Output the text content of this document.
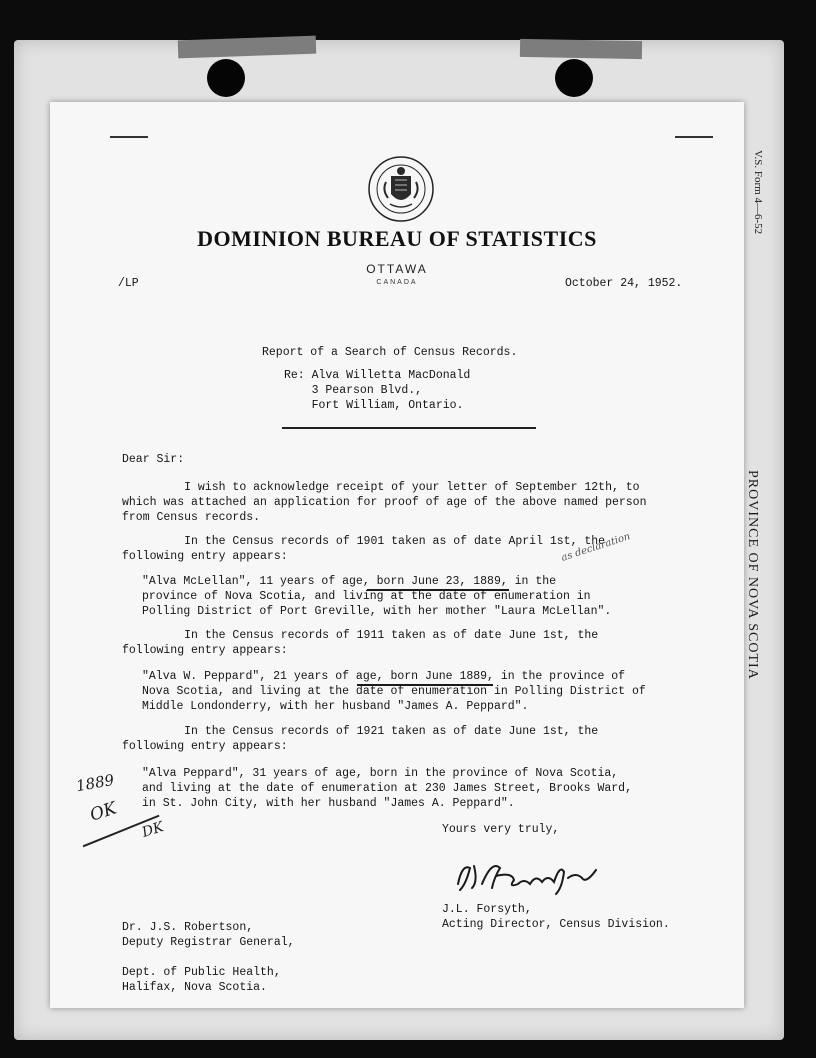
V.S. Form 4—6-52
PROVINCE OF NOVA SCOTIA
DOMINION BUREAU OF STATISTICS
OTTAWA
CANADA
/LP	October 24, 1952.
Report of a Search of Census Records.
Re: Alva Willetta MacDonald
3 Pearson Blvd.,
Fort William, Ontario.
Dear Sir:
I wish to acknowledge receipt of your letter of September 12th, to
which was attached an application for proof of age of the above named person
from Census records.
In the Census records of 1901 taken as of date April 1st, the
following entry appears:
"Alva McLellan", 11 years of age, born June 23, 1889, in the
province of Nova Scotia, and living at the date of enumeration in
Polling District of Port Greville, with her mother "Laura McLellan".
In the Census records of 1911 taken as of date June 1st, the
following entry appears:
"Alva W. Peppard", 21 years of age, born June 1889, in the province of
Nova Scotia, and living at the date of enumeration in Polling District of
Middle Londonderry, with her husband "James A. Peppard".
In the Census records of 1921 taken as of date June 1st, the
following entry appears:
"Alva Peppard", 31 years of age, born in the province of Nova Scotia,
and living at the date of enumeration at 230 James Street, Brooks Ward,
in St. John City, with her husband "James A. Peppard".
Yours very truly,
J.L. Forsyth,
Acting Director, Census Division.
Dr. J.S. Robertson,
Deputy Registrar General,

Dept. of Public Health,
Halifax, Nova Scotia.
1889
OK
DK
as declaration
